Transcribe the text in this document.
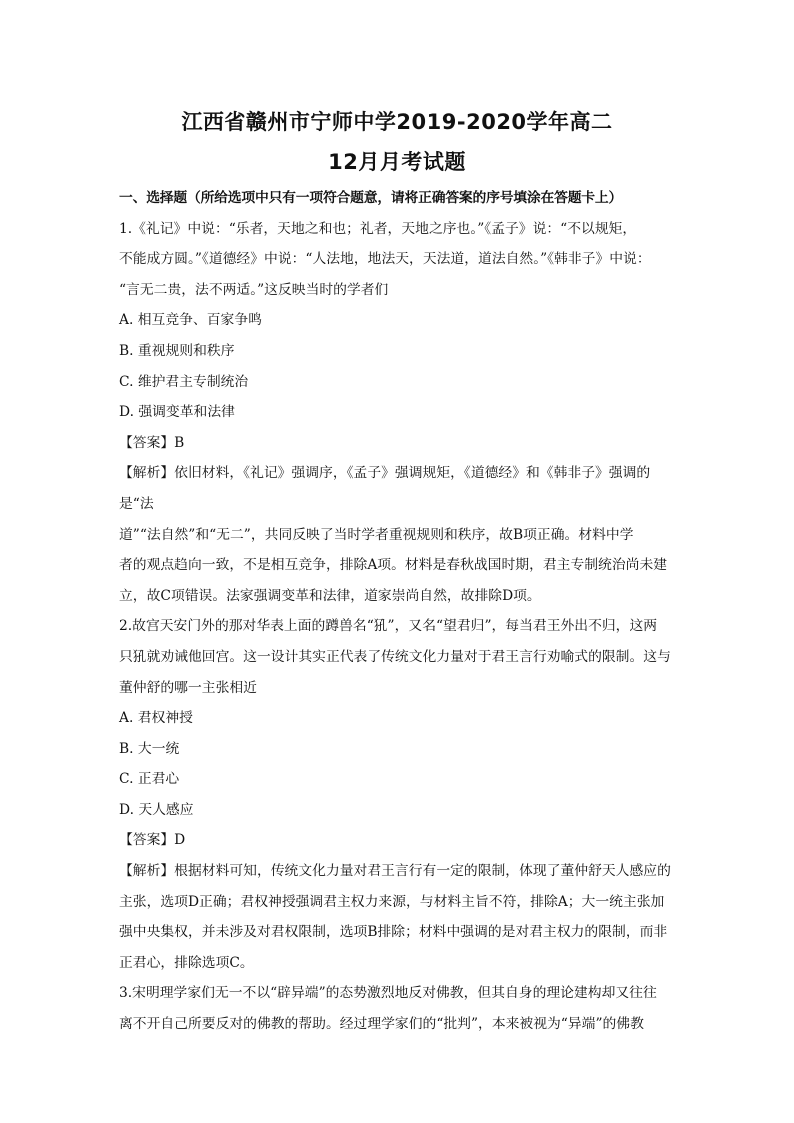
江西省赣州市宁师中学2019-2020学年高二
12月月考试题

一、选择题（所给选项中只有一项符合题意，请将正确答案的序号填涂在答题卡上）

1.《礼记》中说：“乐者，天地之和也；礼者，天地之序也。”《孟子》说：“不以规矩，

不能成方圆。”《道德经》中说：“人法地，地法天，天法道，道法自然。”《韩非子》中说：

“言无二贵，法不两适。”这反映当时的学者们

A. 相互竞争、百家争鸣

B. 重视规则和秩序

C. 维护君主专制统治

D. 强调变革和法律

【答案】B

【解析】依旧材料，《礼记》强调序，《孟子》强调规矩，《道德经》和《韩非子》强调的是“法

道”“法自然”和“无二”，共同反映了当时学者重视规则和秩序，故B项正确。材料中学

者的观点趋向一致，不是相互竞争，排除A项。材料是春秋战国时期，君主专制统治尚未建

立，故C项错误。法家强调变革和法律，道家崇尚自然，故排除D项。

2.故宫天安门外的那对华表上面的蹲兽名“犼”，又名“望君归”，每当君王外出不归，这两

只犼就劝诫他回宫。这一设计其实正代表了传统文化力量对于君王言行劝喻式的限制。这与

董仲舒的哪一主张相近

A. 君权神授

B. 大一统

C. 正君心

D. 天人感应

【答案】D

【解析】根据材料可知，传统文化力量对君王言行有一定的限制，体现了董仲舒天人感应的

主张，选项D正确；君权神授强调君主权力来源，与材料主旨不符，排除A；大一统主张加

强中央集权，并未涉及对君权限制，选项B排除；材料中强调的是对君主权力的限制，而非

正君心，排除选项C。

3.宋明理学家们无一不以“辟异端”的态势激烈地反对佛教，但其自身的理论建构却又往往

离不开自己所要反对的佛教的帮助。经过理学家们的“批判”，本来被视为“异端”的佛教
